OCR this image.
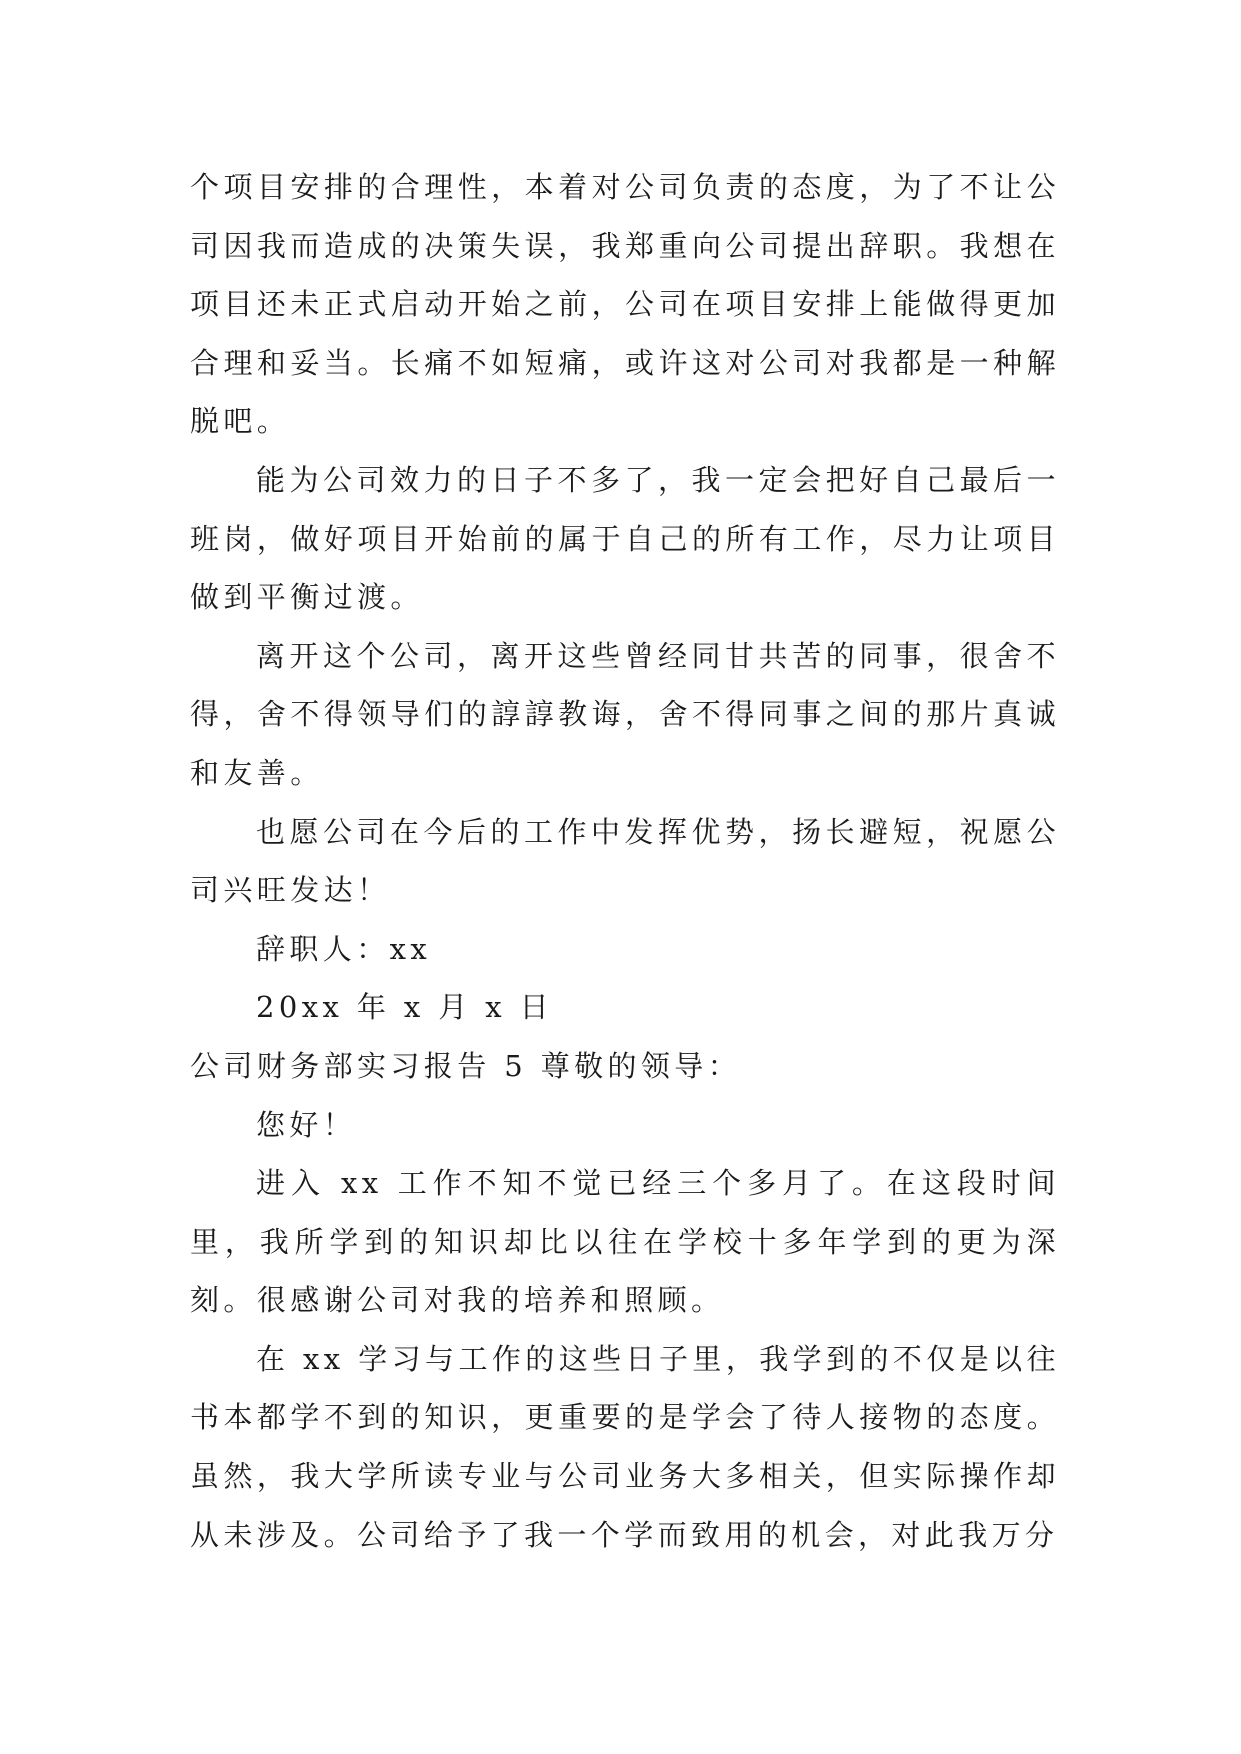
个项目安排的合理性，本着对公司负责的态度，为了不让公司因我而造成的决策失误，我郑重向公司提出辞职。我想在项目还未正式启动开始之前，公司在项目安排上能做得更加合理和妥当。长痛不如短痛，或许这对公司对我都是一种解脱吧。

能为公司效力的日子不多了，我一定会把好自己最后一班岗，做好项目开始前的属于自己的所有工作，尽力让项目做到平衡过渡。

离开这个公司，离开这些曾经同甘共苦的同事，很舍不得，舍不得领导们的諄諄教诲，舍不得同事之间的那片真诚和友善。

也愿公司在今后的工作中发挥优势，扬长避短，祝愿公司兴旺发达！

辞职人：xx

20xx 年 x 月 x 日

公司财务部实习报告 5 尊敬的领导：

您好！

进入 xx 工作不知不觉已经三个多月了。在这段时间里，我所学到的知识却比以往在学校十多年学到的更为深刻。很感谢公司对我的培养和照顾。

在 xx 学习与工作的这些日子里，我学到的不仅是以往书本都学不到的知识，更重要的是学会了待人接物的态度。虽然，我大学所读专业与公司业务大多相关，但实际操作却从未涉及。公司给予了我一个学而致用的机会，对此我万分
